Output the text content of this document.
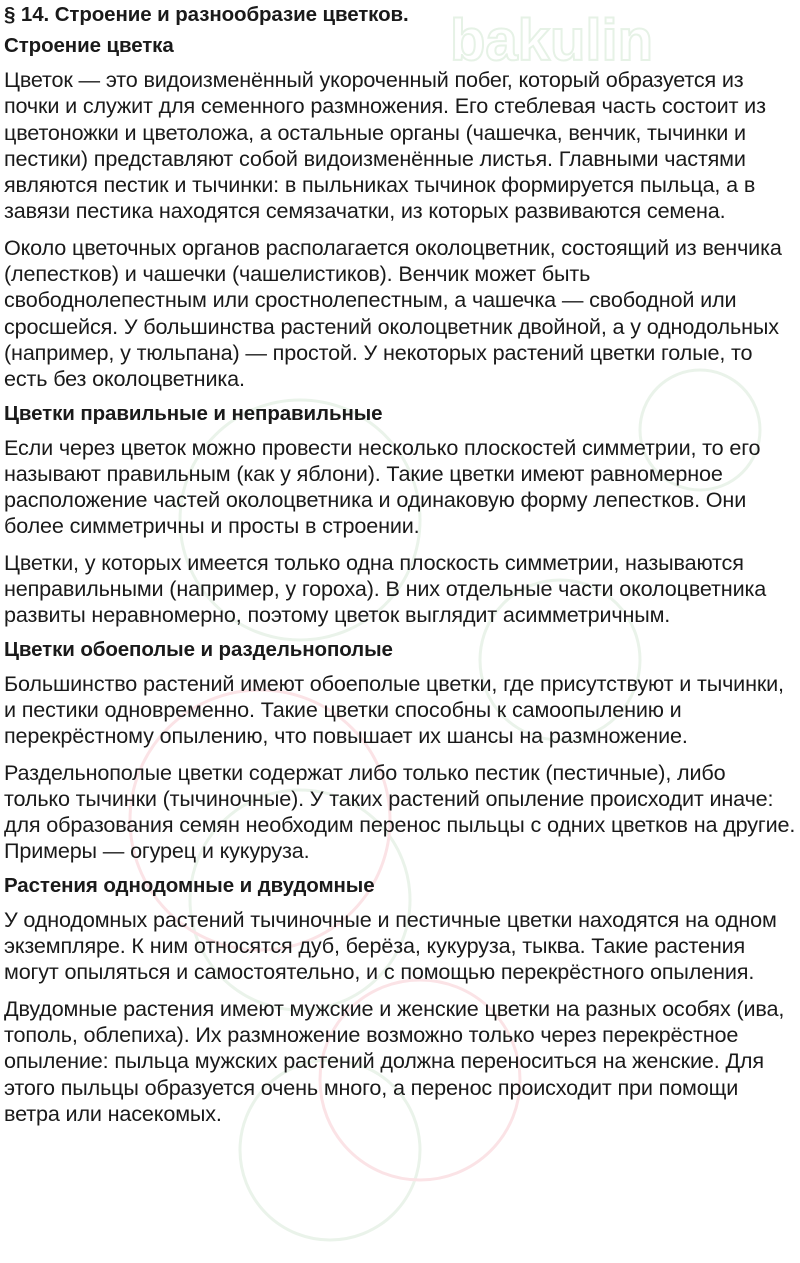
bakulin
§ 14. Строение и разнообразие цветков.
Строение цветка

Цветок — это видоизменённый укороченный побег, который образуется из почки и служит для семенного размножения. Его стеблевая часть состоит из цветоножки и цветоложа, а остальные органы (чашечка, венчик, тычинки и пестики) представляют собой видоизменённые листья. Главными частями являются пестик и тычинки: в пыльниках тычинок формируется пыльца, а в завязи пестика находятся семязачатки, из которых развиваются семена.

Около цветочных органов располагается околоцветник, состоящий из венчика (лепестков) и чашечки (чашелистиков). Венчик может быть свободнолепестным или сростнолепестным, а чашечка — свободной или сросшейся. У большинства растений околоцветник двойной, а у однодольных (например, у тюльпана) — простой. У некоторых растений цветки голые, то есть без околоцветника.

Цветки правильные и неправильные

Если через цветок можно провести несколько плоскостей симметрии, то его называют правильным (как у яблони). Такие цветки имеют равномерное расположение частей околоцветника и одинаковую форму лепестков. Они более симметричны и просты в строении.

Цветки, у которых имеется только одна плоскость симметрии, называются неправильными (например, у гороха). В них отдельные части околоцветника развиты неравномерно, поэтому цветок выглядит асимметричным.

Цветки обоеполые и раздельнополые

Большинство растений имеют обоеполые цветки, где присутствуют и тычинки, и пестики одновременно. Такие цветки способны к самоопылению и перекрёстному опылению, что повышает их шансы на размножение.

Раздельнополые цветки содержат либо только пестик (пестичные), либо только тычинки (тычиночные). У таких растений опыление происходит иначе: для образования семян необходим перенос пыльцы с одних цветков на другие. Примеры — огурец и кукуруза.

Растения однодомные и двудомные

У однодомных растений тычиночные и пестичные цветки находятся на одном экземпляре. К ним относятся дуб, берёза, кукуруза, тыква. Такие растения могут опыляться и самостоятельно, и с помощью перекрёстного опыления.

Двудомные растения имеют мужские и женские цветки на разных особях (ива, тополь, облепиха). Их размножение возможно только через перекрёстное опыление: пыльца мужских растений должна переноситься на женские. Для этого пыльцы образуется очень много, а перенос происходит при помощи ветра или насекомых.
